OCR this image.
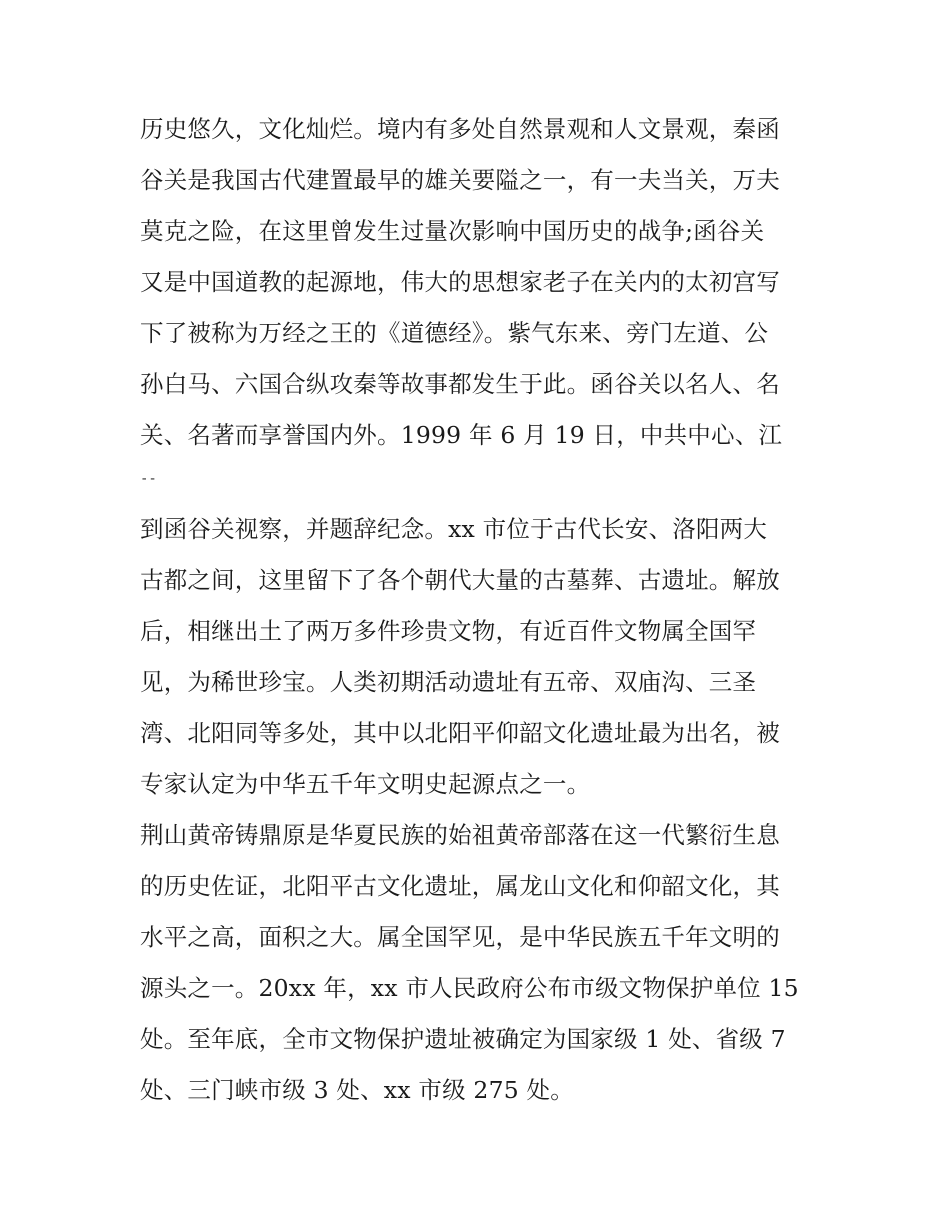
历史悠久，文化灿烂。境内有多处自然景观和人文景观，秦函
谷关是我国古代建置最早的雄关要隘之一，有一夫当关，万夫
莫克之险，在这里曾发生过量次影响中国历史的战争;函谷关
又是中国道教的起源地，伟大的思想家老子在关内的太初宫写
下了被称为万经之王的《道德经》。紫气东来、旁门左道、公
孙白马、六国合纵攻秦等故事都发生于此。函谷关以名人、名
关、名著而享誉国内外。1999 年 6 月 19 日，中共中心、江
--
到函谷关视察，并题辞纪念。xx 市位于古代长安、洛阳两大
古都之间，这里留下了各个朝代大量的古墓葬、古遗址。解放
后，相继出土了两万多件珍贵文物，有近百件文物属全国罕
见，为稀世珍宝。人类初期活动遗址有五帝、双庙沟、三圣
湾、北阳同等多处，其中以北阳平仰韶文化遗址最为出名，被
专家认定为中华五千年文明史起源点之一。
荆山黄帝铸鼎原是华夏民族的始祖黄帝部落在这一代繁衍生息
的历史佐证，北阳平古文化遗址，属龙山文化和仰韶文化，其
水平之高，面积之大。属全国罕见，是中华民族五千年文明的
源头之一。20xx 年，xx 市人民政府公布市级文物保护单位 15
处。至年底，全市文物保护遗址被确定为国家级 1 处、省级 7
处、三门峡市级 3 处、xx 市级 275 处。
